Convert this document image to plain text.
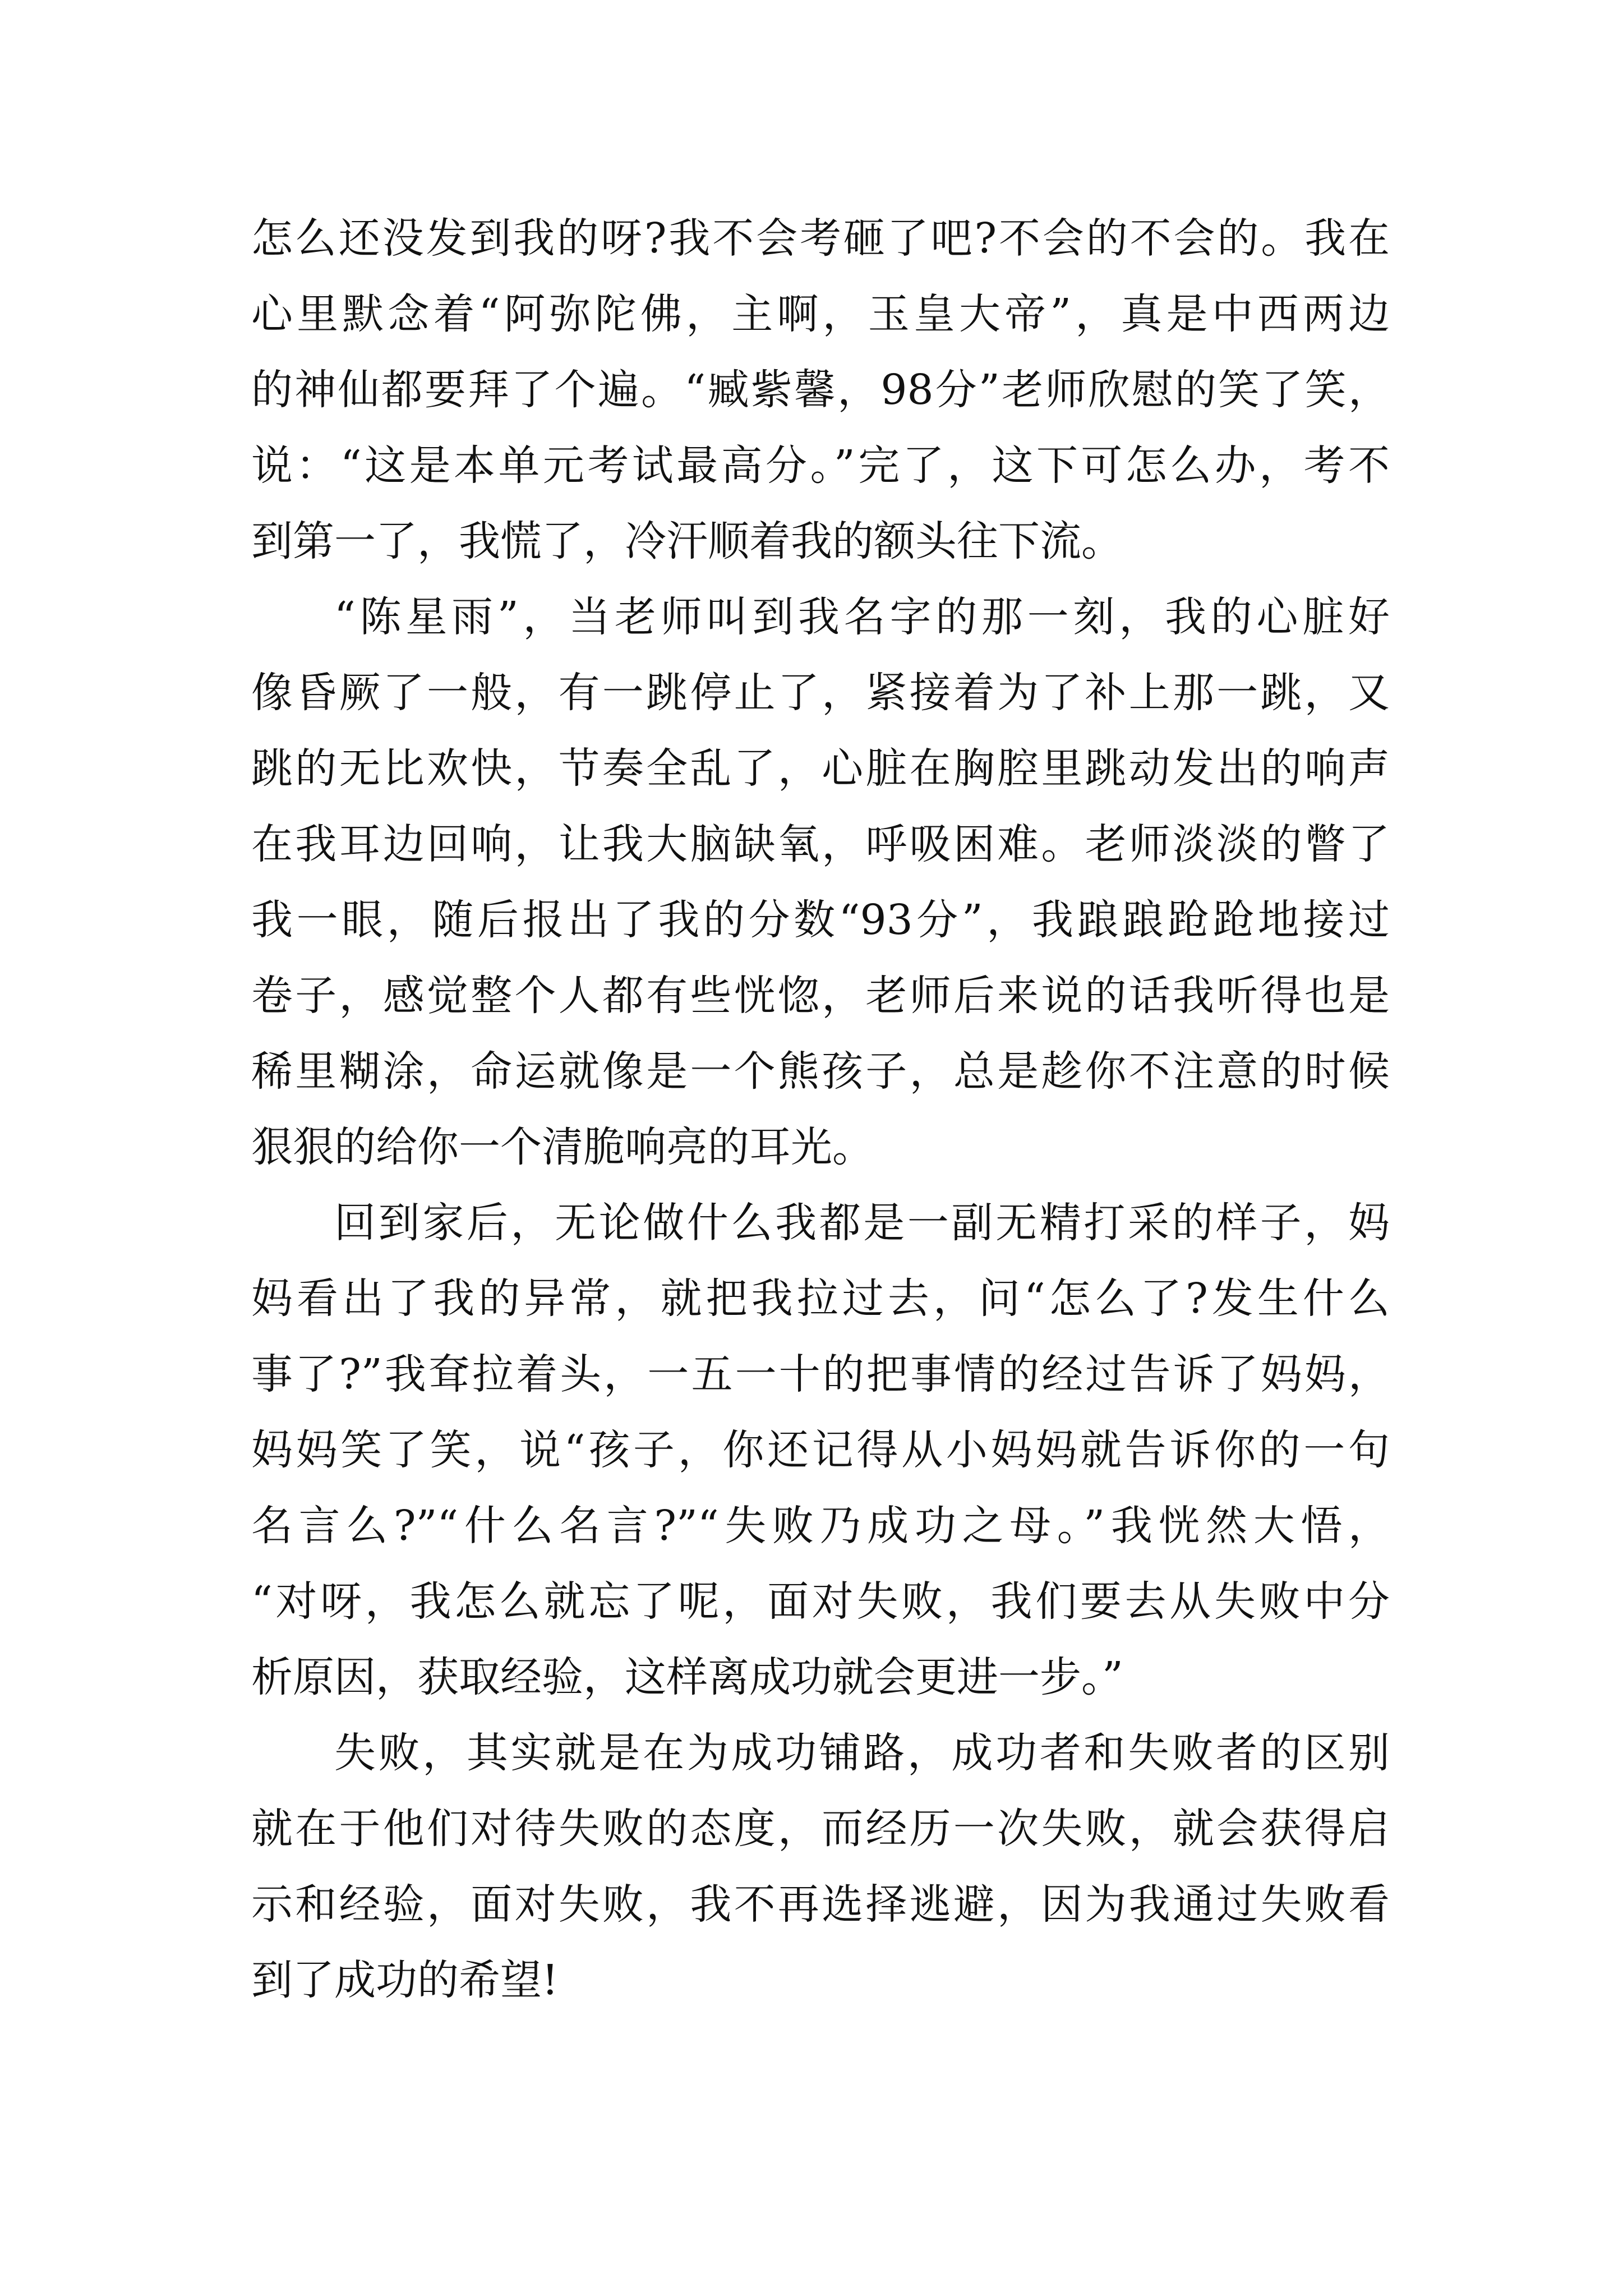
怎么还没发到我的呀?我不会考砸了吧?不会的不会的。我在
心里默念着“阿弥陀佛，主啊，玉皇大帝”，真是中西两边
的神仙都要拜了个遍。“臧紫馨，98分”老师欣慰的笑了笑，
说：“这是本单元考试最高分。”完了，这下可怎么办，考不
到第一了，我慌了，冷汗顺着我的额头往下流。
“陈星雨”，当老师叫到我名字的那一刻，我的心脏好
像昏厥了一般，有一跳停止了，紧接着为了补上那一跳，又
跳的无比欢快，节奏全乱了，心脏在胸腔里跳动发出的响声
在我耳边回响，让我大脑缺氧，呼吸困难。老师淡淡的瞥了
我一眼，随后报出了我的分数“93分”，我踉踉跄跄地接过
卷子，感觉整个人都有些恍惚，老师后来说的话我听得也是
稀里糊涂，命运就像是一个熊孩子，总是趁你不注意的时候
狠狠的给你一个清脆响亮的耳光。
回到家后，无论做什么我都是一副无精打采的样子，妈
妈看出了我的异常，就把我拉过去，问“怎么了?发生什么
事了?”我耷拉着头，一五一十的把事情的经过告诉了妈妈，
妈妈笑了笑，说“孩子，你还记得从小妈妈就告诉你的一句
名言么?”“什么名言?”“失败乃成功之母。”我恍然大悟，
“对呀，我怎么就忘了呢，面对失败，我们要去从失败中分
析原因，获取经验，这样离成功就会更进一步。”
失败，其实就是在为成功铺路，成功者和失败者的区别
就在于他们对待失败的态度，而经历一次失败，就会获得启
示和经验，面对失败，我不再选择逃避，因为我通过失败看
到了成功的希望!
